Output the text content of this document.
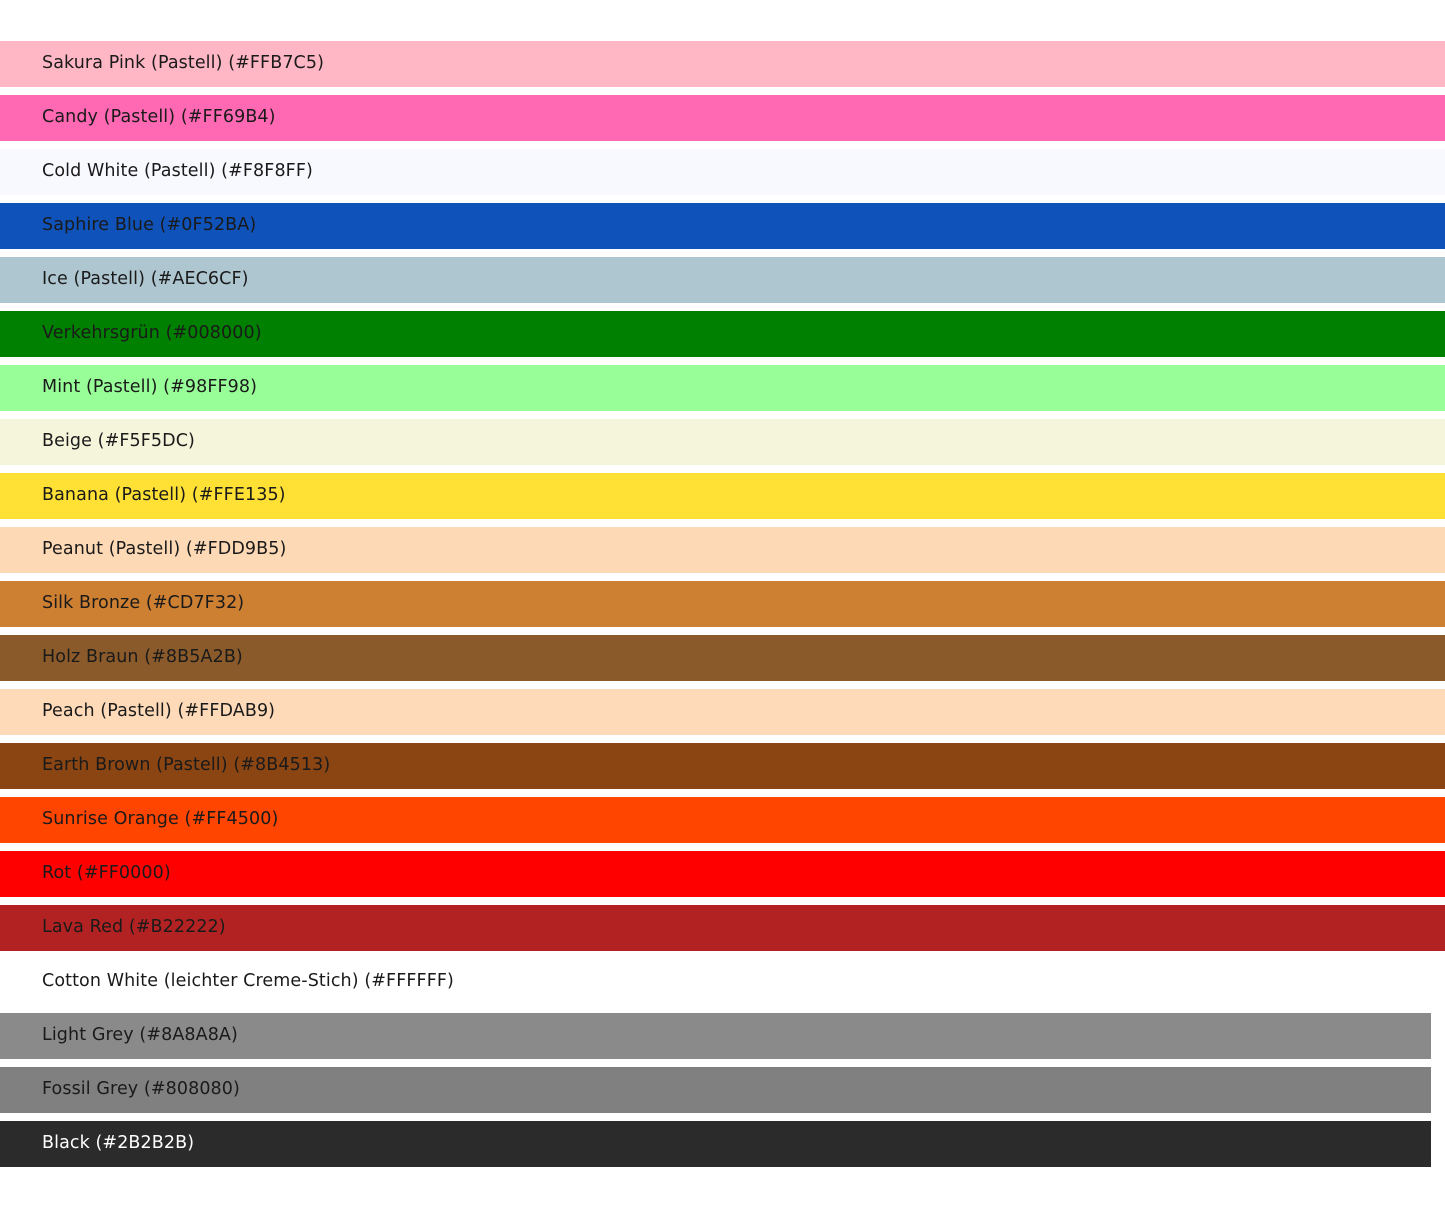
Sakura Pink (Pastell) (#FFB7C5)
Candy (Pastell) (#FF69B4)
Cold White (Pastell) (#F8F8FF)
Saphire Blue (#0F52BA)
Ice (Pastell) (#AEC6CF)
Verkehrsgrün (#008000)
Mint (Pastell) (#98FF98)
Beige (#F5F5DC)
Banana (Pastell) (#FFE135)
Peanut (Pastell) (#FDD9B5)
Silk Bronze (#CD7F32)
Holz Braun (#8B5A2B)
Peach (Pastell) (#FFDAB9)
Earth Brown (Pastell) (#8B4513)
Sunrise Orange (#FF4500)
Rot (#FF0000)
Lava Red (#B22222)
Cotton White (leichter Creme-Stich) (#FFFFFF)
Light Grey (#8A8A8A)
Fossil Grey (#808080)
Black (#2B2B2B)
